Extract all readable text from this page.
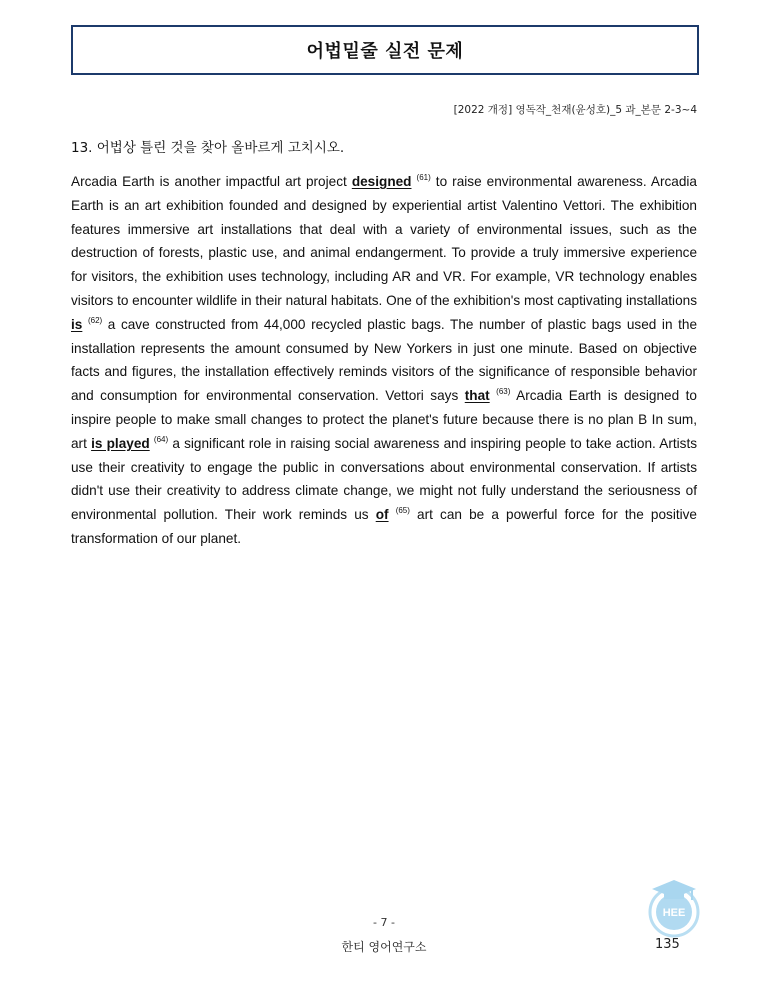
어법밑줄 실전 문제
[2022 개정] 영독작_천재(윤성호)_5 과_본문 2-3~4
13. 어법상 틀린 것을 찾아 올바르게 고치시오.
Arcadia Earth is another impactful art project designed $^{(61)}$ to raise environmental awareness. Arcadia Earth is an art exhibition founded and designed by experiential artist Valentino Vettori. The exhibition features immersive art installations that deal with a variety of environmental issues, such as the destruction of forests, plastic use, and animal endangerment. To provide a truly immersive experience for visitors, the exhibition uses technology, including AR and VR. For example, VR technology enables visitors to encounter wildlife in their natural habitats. One of the exhibition's most captivating installations is $^{(62)}$ a cave constructed from 44,000 recycled plastic bags. The number of plastic bags used in the installation represents the amount consumed by New Yorkers in just one minute. Based on objective facts and figures, the installation effectively reminds visitors of the significance of responsible behavior and consumption for environmental conservation. Vettori says that $^{(63)}$ Arcadia Earth is designed to inspire people to make small changes to protect the planet's future because there is no plan B In sum, art is played $^{(64)}$ a significant role in raising social awareness and inspiring people to take action. Artists use their creativity to engage the public in conversations about environmental conservation. If artists didn't use their creativity to address climate change, we might not fully understand the seriousness of environmental pollution. Their work reminds us of $^{(65)}$ art can be a powerful force for the positive transformation of our planet.
- 7 -
한티 영어연구소
HEE
135
